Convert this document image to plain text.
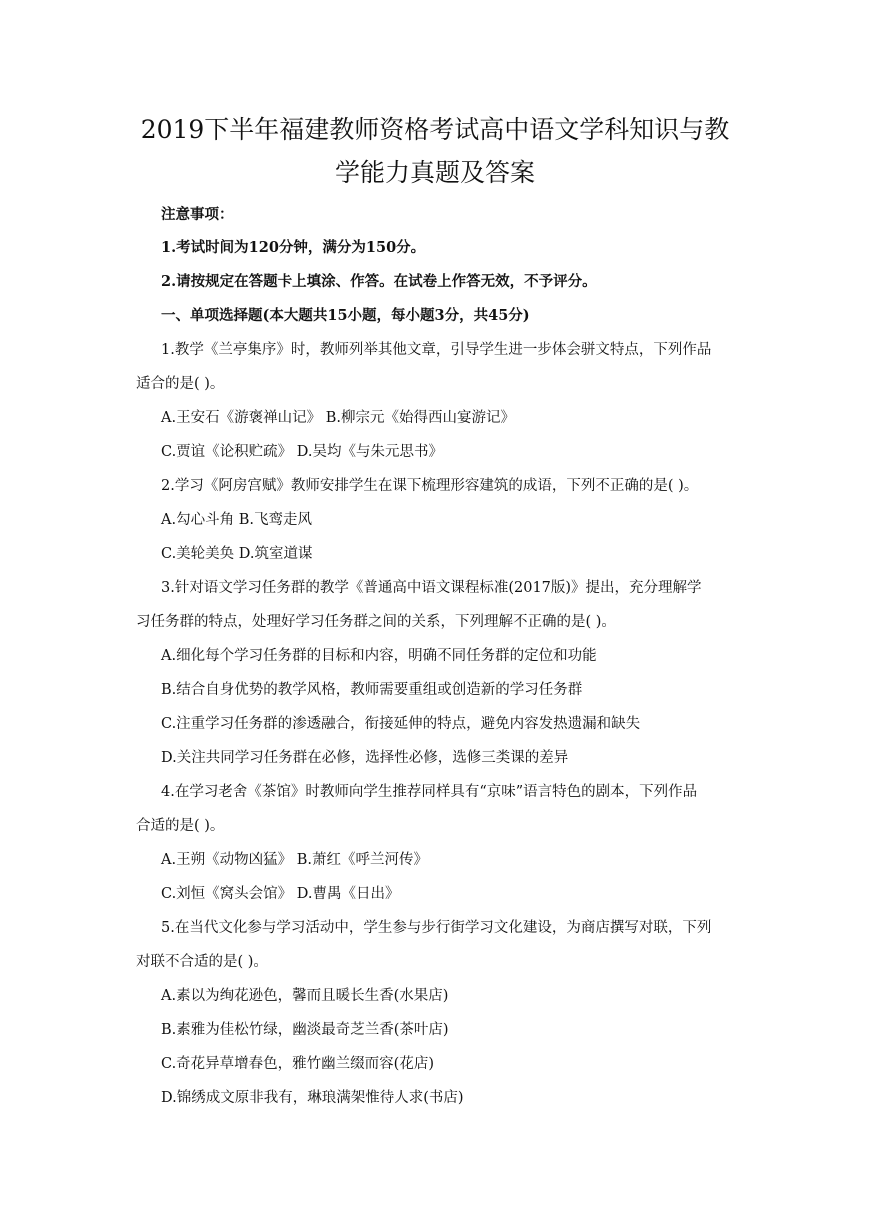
2019下半年福建教师资格考试高中语文学科知识与教
学能力真题及答案
注意事项：
1.考试时间为120分钟，满分为150分。
2.请按规定在答题卡上填涂、作答。在试卷上作答无效，不予评分。
一、单项选择题(本大题共15小题，每小题3分，共45分)
1.教学《兰亭集序》时，教师列举其他文章，引导学生进一步体会骈文特点，下列作品
适合的是( )。
A.王安石《游褒禅山记》 B.柳宗元《始得西山宴游记》
C.贾谊《论积贮疏》 D.吴均《与朱元思书》
2.学习《阿房宫赋》教师安排学生在课下梳理形容建筑的成语，下列不正确的是( )。
A.勾心斗角 B.飞鸾走风
C.美轮美奂 D.筑室道谋
3.针对语文学习任务群的教学《普通高中语文课程标准(2017版)》提出，充分理解学
习任务群的特点，处理好学习任务群之间的关系，下列理解不正确的是( )。
A.细化每个学习任务群的目标和内容，明确不同任务群的定位和功能
B.结合自身优势的教学风格，教师需要重组或创造新的学习任务群
C.注重学习任务群的渗透融合，衔接延伸的特点，避免内容发热遗漏和缺失
D.关注共同学习任务群在必修，选择性必修，选修三类课的差异
4.在学习老舍《茶馆》时教师向学生推荐同样具有“京味”语言特色的剧本，下列作品
合适的是( )。
A.王朔《动物凶猛》 B.萧红《呼兰河传》
C.刘恒《窝头会馆》 D.曹禺《日出》
5.在当代文化参与学习活动中，学生参与步行街学习文化建设，为商店撰写对联，下列
对联不合适的是( )。
A.素以为绚花逊色，馨而且暖长生香(水果店)
B.素雅为佳松竹绿，幽淡最奇芝兰香(茶叶店)
C.奇花异草增春色，雅竹幽兰缀而容(花店)
D.锦绣成文原非我有，琳琅满架惟待人求(书店)
